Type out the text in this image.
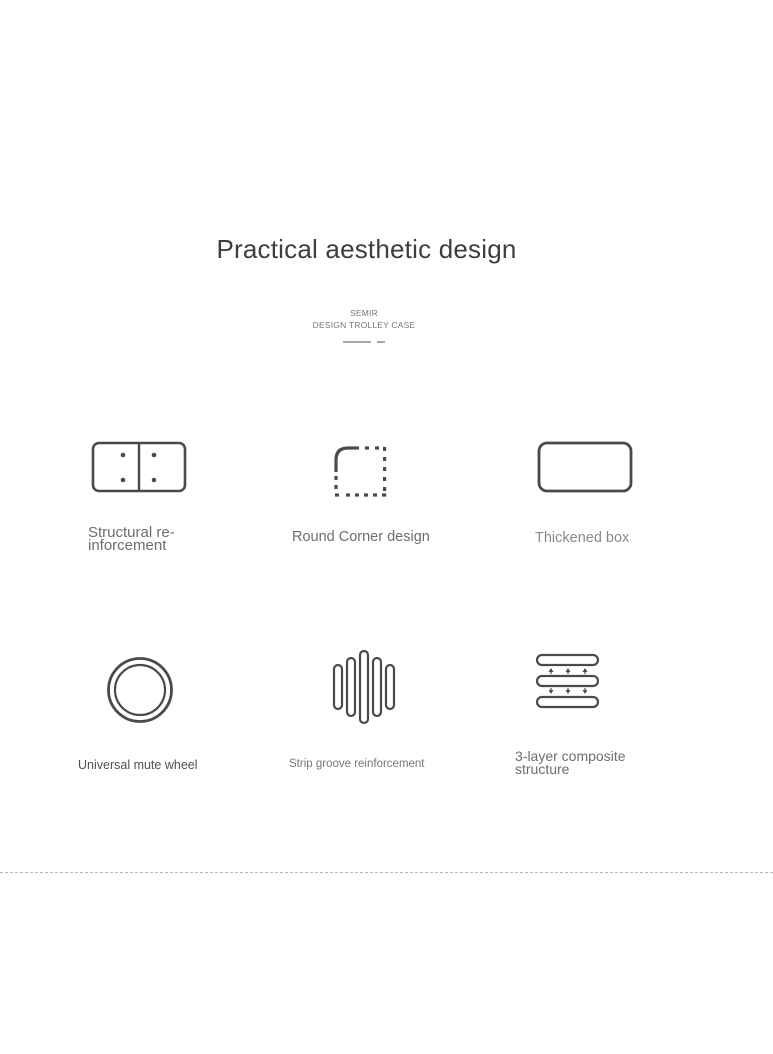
Practical aesthetic design
SEMIR
DESIGN TROLLEY CASE
Structural re-
inforcement	Round Corner design	Thickened box
Universal mute wheel	Strip groove reinforcement	3-layer composite
structure
